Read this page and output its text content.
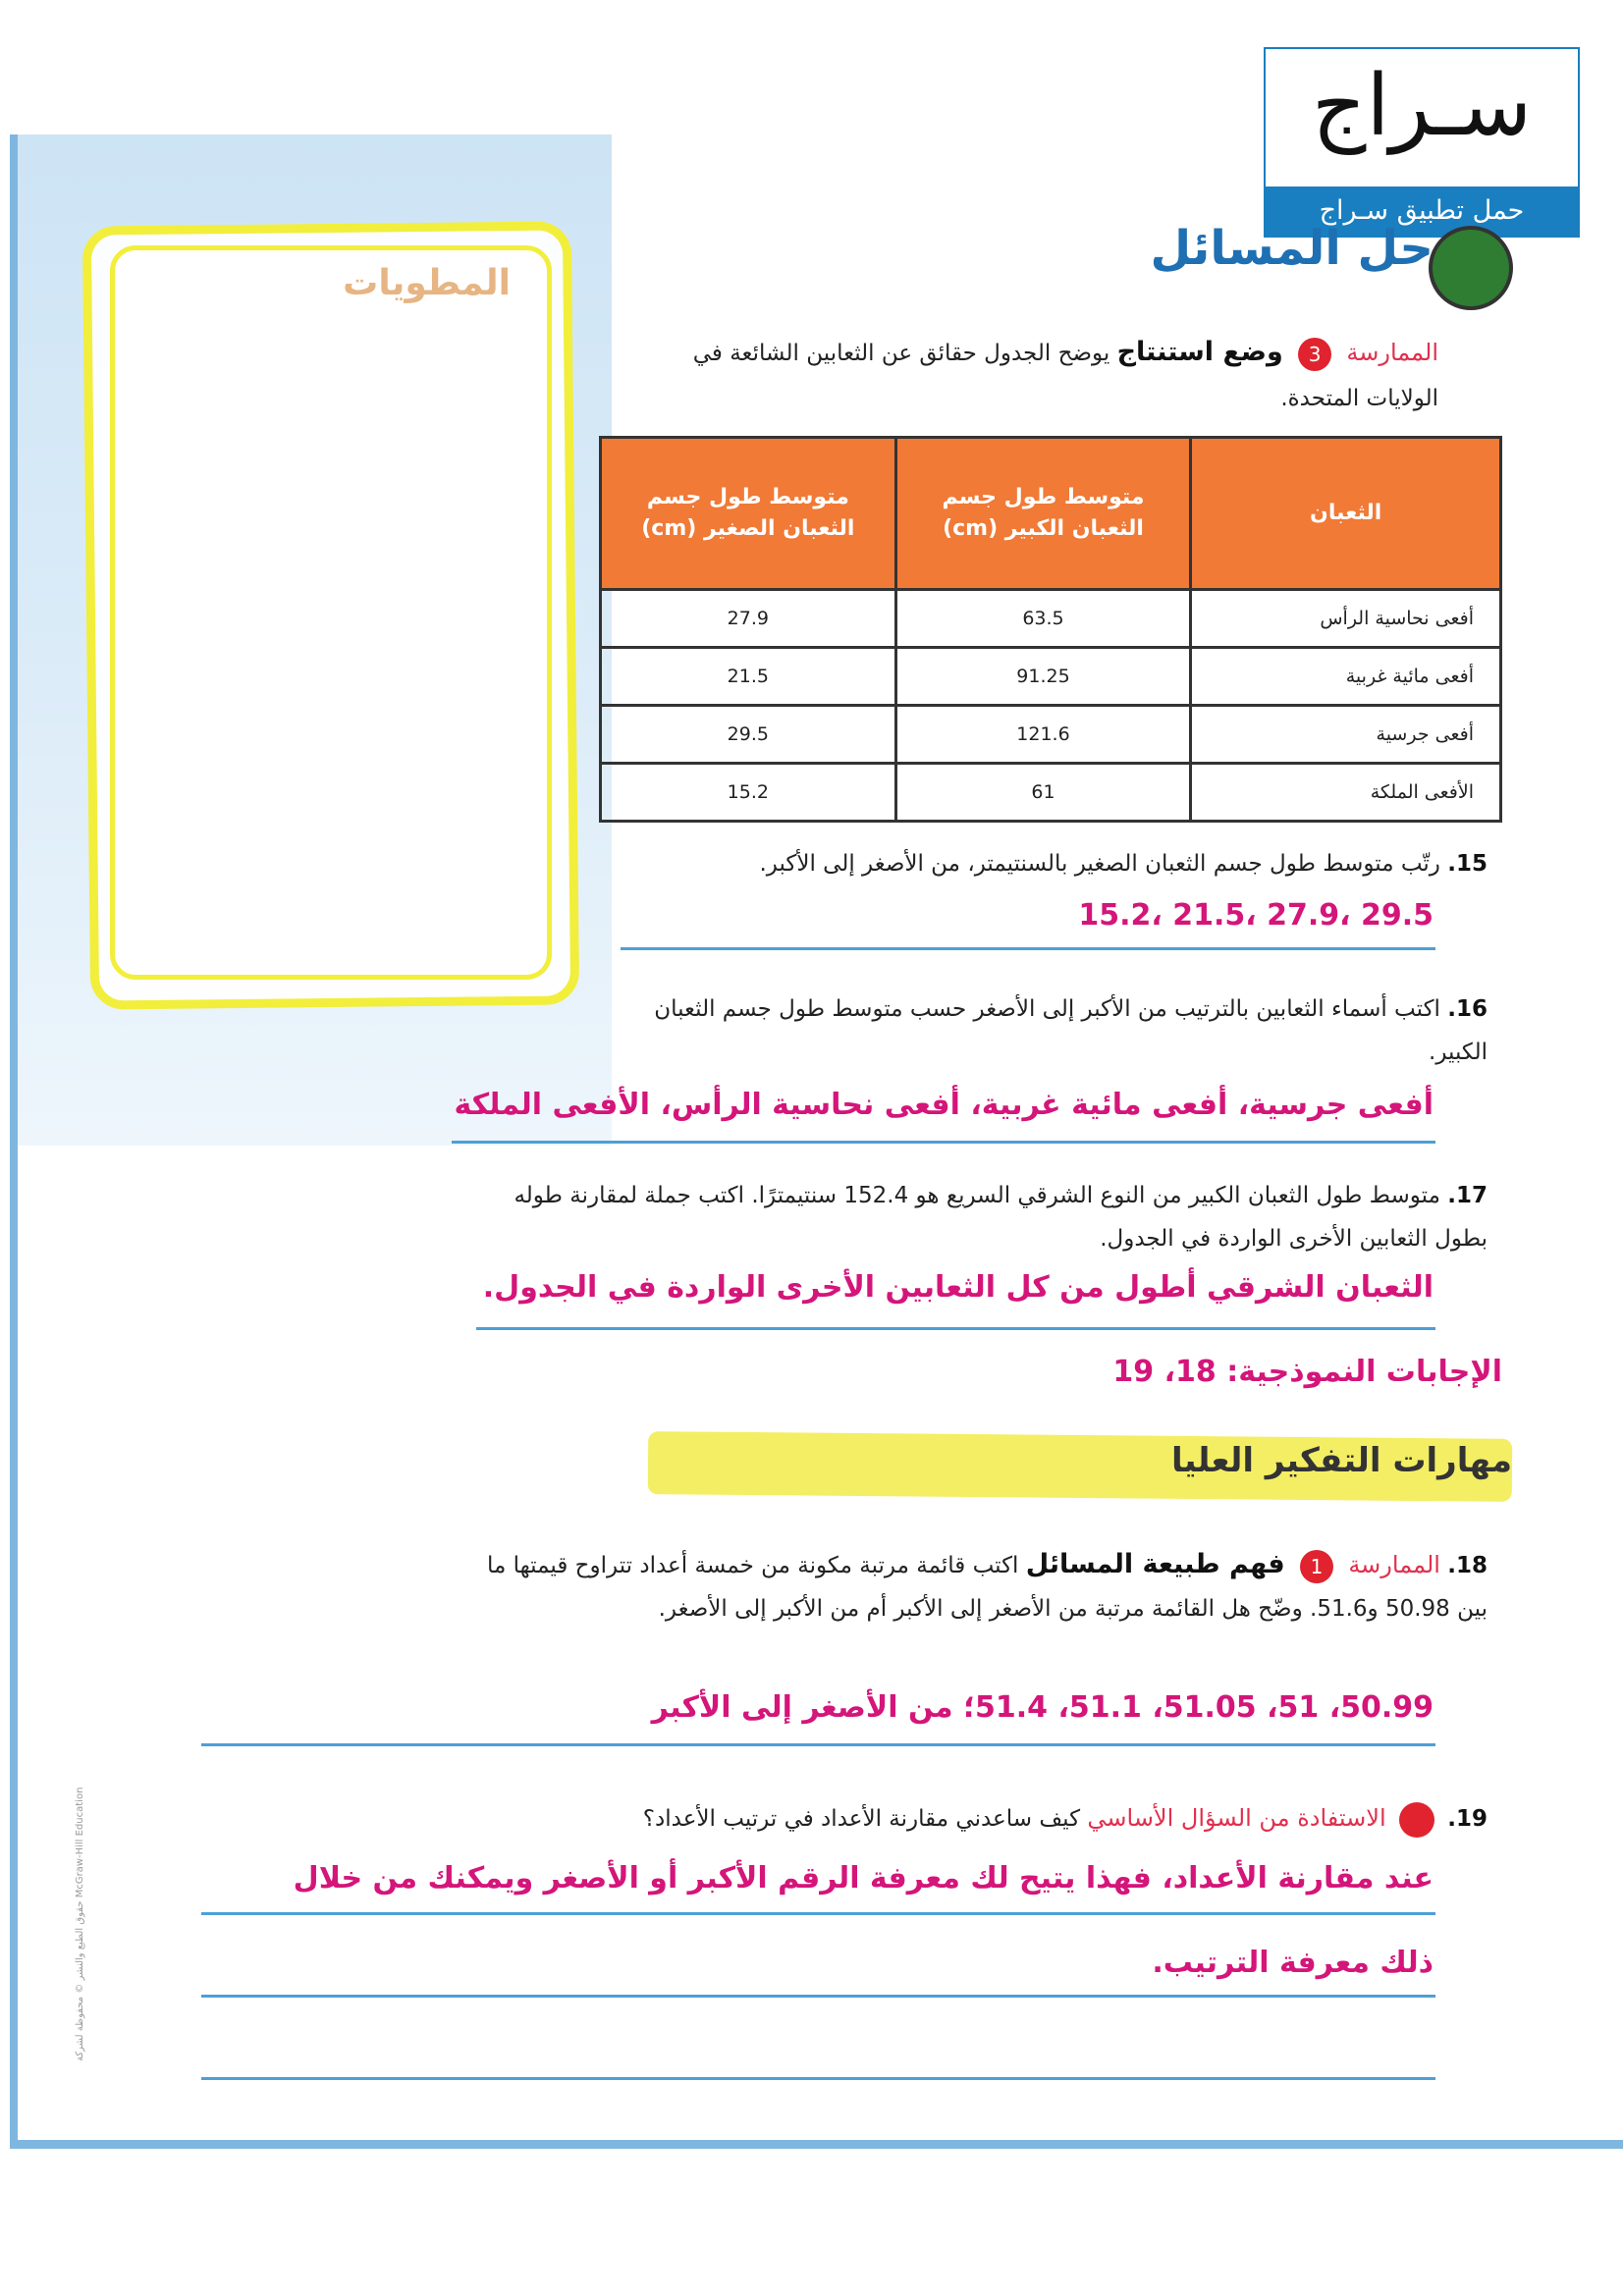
المطويات
سـراج
حمل تطبيق سـراج
حل المسائل
الممارسة 3 وضع استنتاج يوضح الجدول حقائق عن الثعابين الشائعة في الولايات المتحدة.
الثعبان	متوسط طول جسم الثعبان الكبير (cm)	متوسط طول جسم الثعبان الصغير (cm)
أفعى نحاسية الرأس	63.5	27.9
أفعى مائية غربية	91.25	21.5
أفعى جرسية	121.6	29.5
الأفعى الملكة	61	15.2
15. رتّب متوسط طول جسم الثعبان الصغير بالسنتيمتر، من الأصغر إلى الأكبر.
29.5 ،27.9 ،21.5 ،15.2
16. اكتب أسماء الثعابين بالترتيب من الأكبر إلى الأصغر حسب متوسط طول جسم الثعبان الكبير.
أفعى جرسية، أفعى مائية غربية، أفعى نحاسية الرأس، الأفعى الملكة
17. متوسط طول الثعبان الكبير من النوع الشرقي السريع هو 152.4 سنتيمترًا. اكتب جملة لمقارنة طوله بطول الثعابين الأخرى الواردة في الجدول.
الثعبان الشرقي أطول من كل الثعابين الأخرى الواردة في الجدول.
الإجابات النموذجية: 18، 19
مهارات التفكير العليا
18. الممارسة 1 فهم طبيعة المسائل اكتب قائمة مرتبة مكونة من خمسة أعداد تتراوح قيمتها ما بين 50.98 و51.6. وضّح هل القائمة مرتبة من الأصغر إلى الأكبر أم من الأكبر إلى الأصغر.
50.99، 51، 51.05، 51.1، 51.4؛ من الأصغر إلى الأكبر
19.  الاستفادة من السؤال الأساسي كيف ساعدني مقارنة الأعداد في ترتيب الأعداد؟
عند مقارنة الأعداد، فهذا يتيح لك معرفة الرقم الأكبر أو الأصغر ويمكنك من خلال
ذلك معرفة الترتيب.
حقوق الطبع والنشر © محفوظة لشركة McGraw-Hill Education
